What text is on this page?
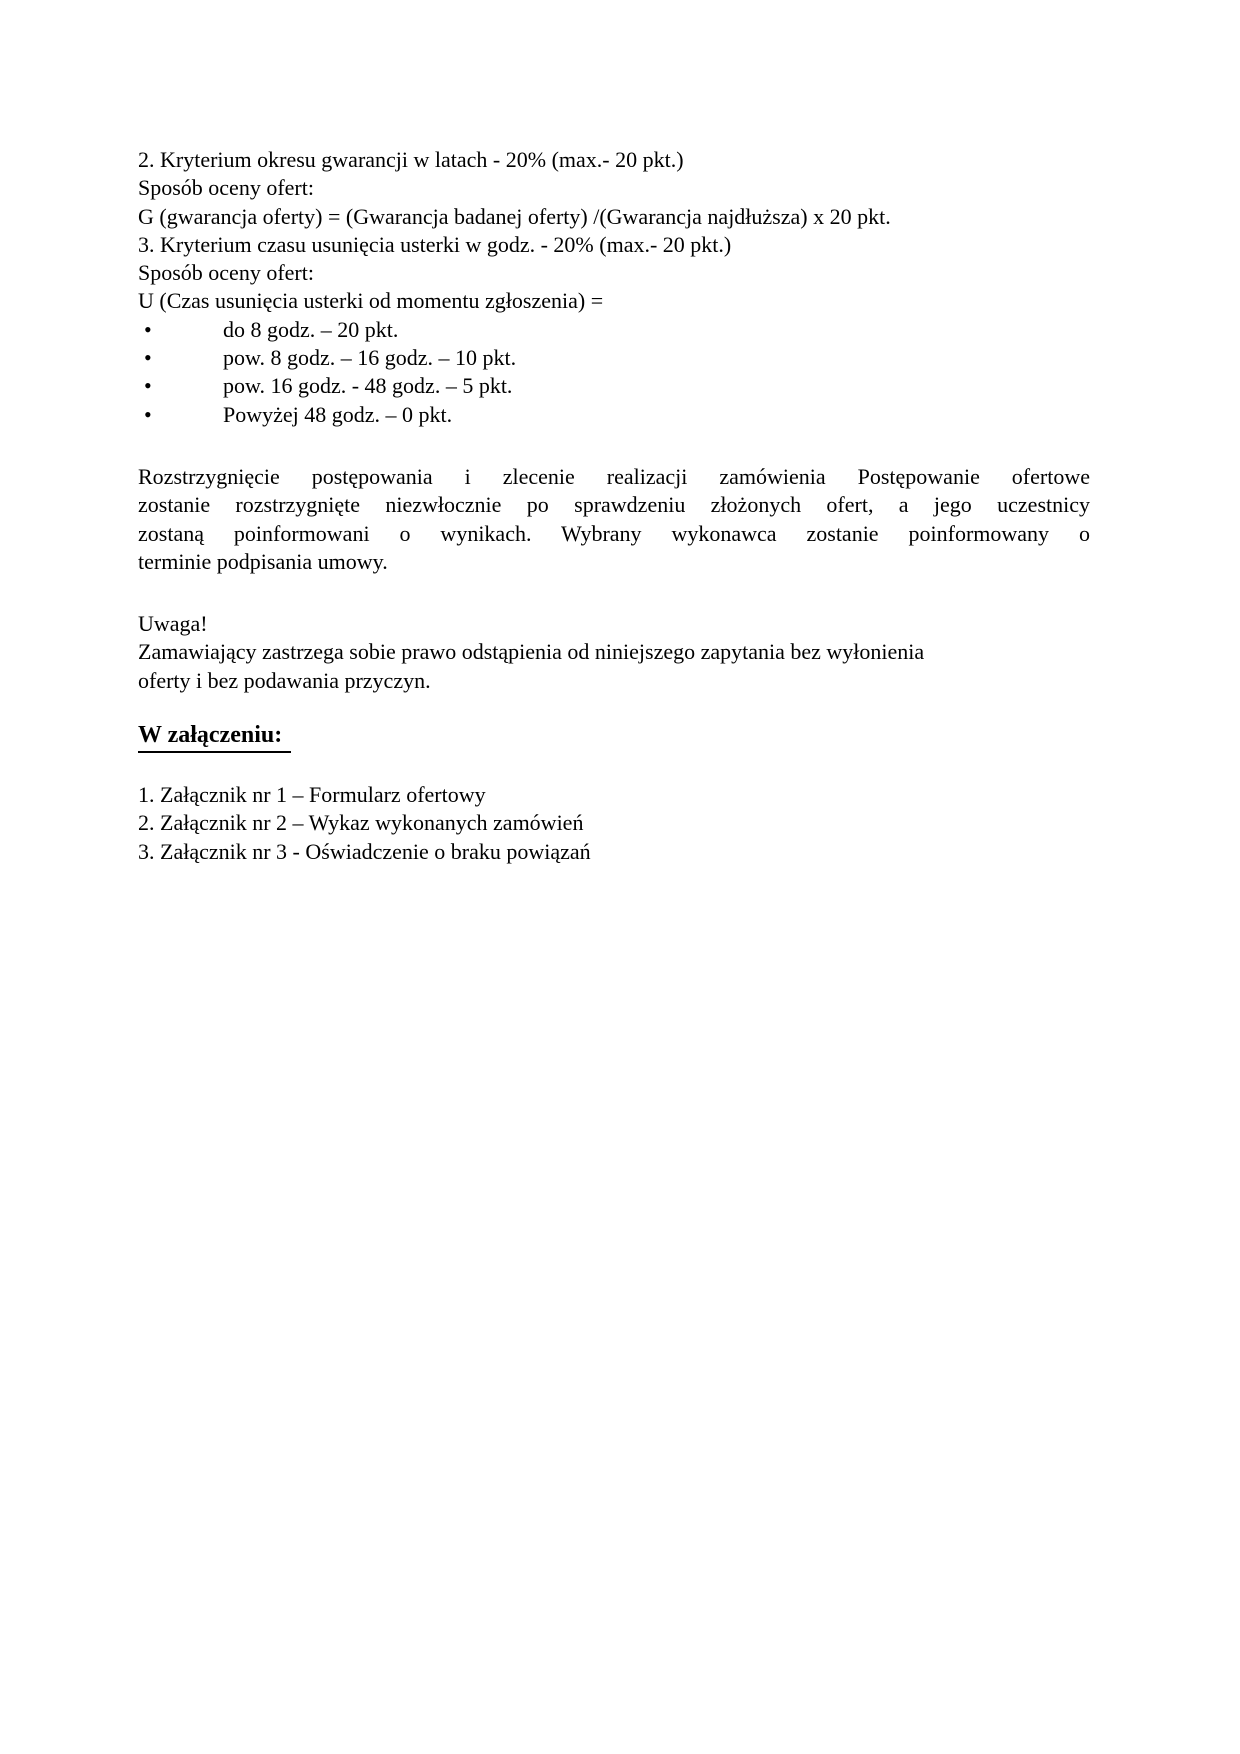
2. Kryterium okresu gwarancji w latach - 20% (max.- 20 pkt.)
Sposób oceny ofert:
G (gwarancja oferty) = (Gwarancja badanej oferty) /(Gwarancja najdłuższa) x 20 pkt.
3. Kryterium czasu usunięcia usterki w godz. - 20% (max.- 20 pkt.)
Sposób oceny ofert:
U (Czas usunięcia usterki od momentu zgłoszenia) =
•	do 8 godz. – 20 pkt.
•	pow. 8 godz. – 16 godz. – 10 pkt.
•	pow. 16 godz. - 48 godz. – 5 pkt.
•	Powyżej 48 godz. – 0 pkt.
Rozstrzygnięcie postępowania i zlecenie realizacji zamówienia Postępowanie ofertowe
zostanie rozstrzygnięte niezwłocznie po sprawdzeniu złożonych ofert, a jego uczestnicy
zostaną poinformowani o wynikach. Wybrany wykonawca zostanie poinformowany o
terminie podpisania umowy.
Uwaga!
Zamawiający zastrzega sobie prawo odstąpienia od niniejszego zapytania bez wyłonienia
oferty i bez podawania przyczyn.
W załączeniu:
1. Załącznik nr 1 – Formularz ofertowy
2. Załącznik nr 2 – Wykaz wykonanych zamówień
3. Załącznik nr 3 - Oświadczenie o braku powiązań
